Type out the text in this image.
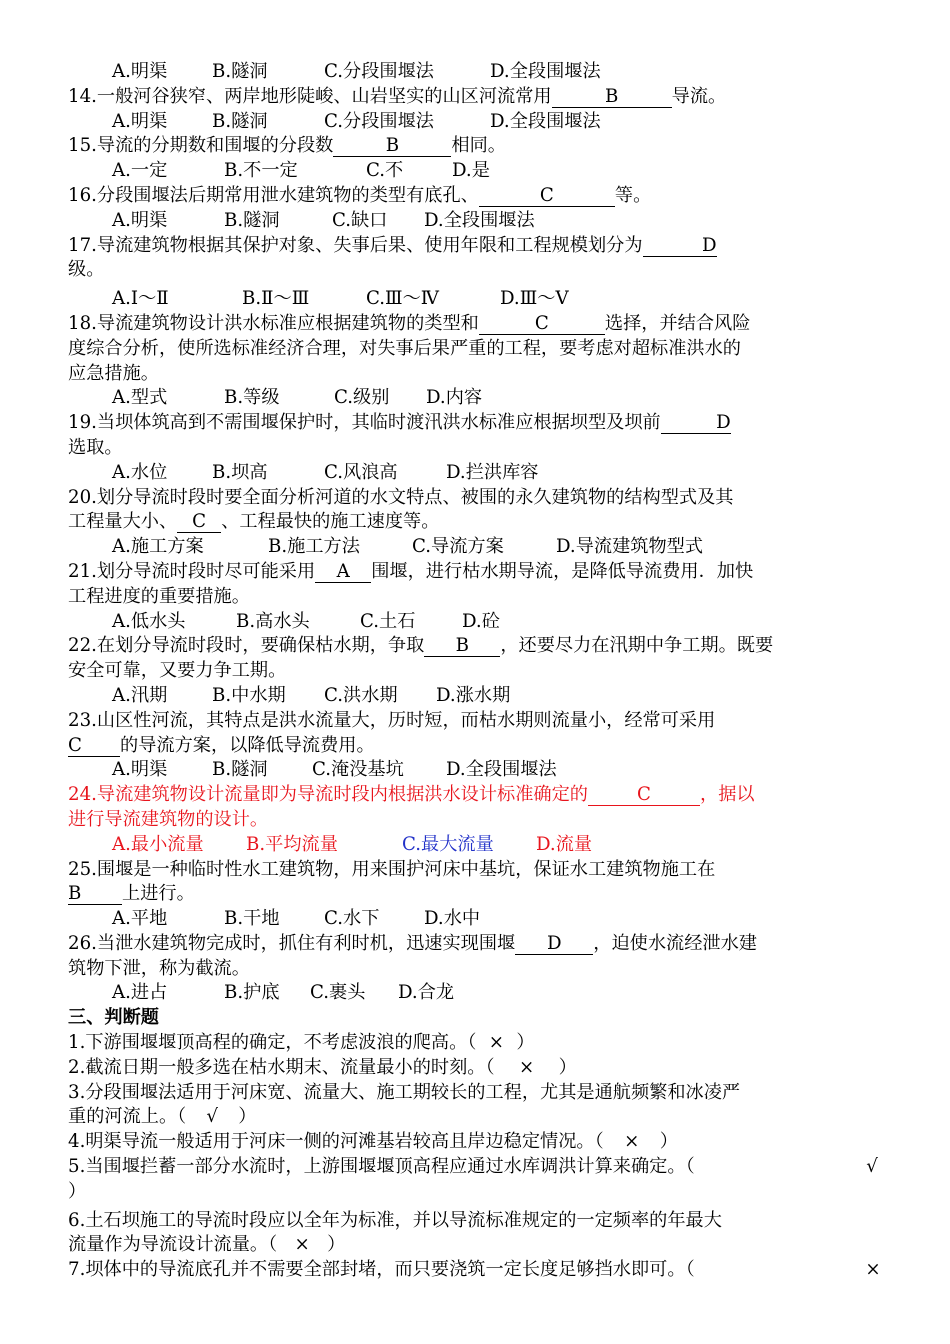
A.明渠 B.隧洞	C.分段围堰法	D.全段围堰法
14.一般河谷狭窄、两岸地形陡峻、山岩坚实的山区河流常用	B	导流。
A.明渠 B.隧洞	C.分段围堰法	D.全段围堰法
15.导流的分期数和围堰的分段数	B	相同。
A.一定	B.不一定	C.不	D.是
16.分段围堰法后期常用泄水建筑物的类型有底孔、	C	等。
A.明渠	B.隧洞	C.缺口 D.全段围堰法
17.导流建筑物根据其保护对象、失事后果、使用年限和工程规模划分为	D
级。
A.Ⅰ～Ⅱ	B.Ⅱ～Ⅲ	C.Ⅲ～Ⅳ	D.Ⅲ～Ⅴ
18.导流建筑物设计洪水标准应根据建筑物的类型和	C	选择，并结合风险
度综合分析，使所选标准经济合理，对失事后果严重的工程，要考虑对超标准洪水的
应急措施。
A.型式	B.等级	C.级别 D.内容
19.当坝体筑高到不需围堰保护时，其临时渡汛洪水标准应根据坝型及坝前	D
选取。
A.水位 B.坝高	C.风浪高	D.拦洪库容
20.划分导流时段时要全面分析河道的水文特点、被围的永久建筑物的结构型式及其
工程量大小、 C 、工程最快的施工速度等。
A.施工方案	B.施工方法	C.导流方案	D.导流建筑物型式
21.划分导流时段时尽可能采用 A 围堰，进行枯水期导流，是降低导流费用．加快
工程进度的重要措施。
A.低水头	B.高水头	C.土石	D.砼
22.在划分导流时段时，要确保枯水期，争取 B ，还要尽力在汛期中争工期。既要
安全可靠，又要力争工期。
A.汛期 B.中水期 C.洪水期 D.涨水期
23.山区性河流，其特点是洪水流量大，历时短，而枯水期则流量小，经常可采用
C 的导流方案，以降低导流费用。
A.明渠 B.隧洞 C.淹没基坑 D.全段围堰法
24.导流建筑物设计流量即为导流时段内根据洪水设计标准确定的	C	，据以
进行导流建筑物的设计。
A.最小流量 B.平均流量	C.最大流量 D.流量
25.围堰是一种临时性水工建筑物，用来围护河床中基坑，保证水工建筑物施工在
B 上进行。
A.平地	B.干地 C.水下 D.水中
26.当泄水建筑物完成时，抓住有利时机，迅速实现围堰 D ，迫使水流经泄水建
筑物下泄，称为截流。
A.进占	B.护底 C.裹头 D.合龙
三、判断题
1.下游围堰堰顶高程的确定，不考虑波浪的爬高。（ × ）
2.截流日期一般多选在枯水期末、流量最小的时刻。（ × ）
3.分段围堰法适用于河床宽、流量大、施工期较长的工程，尤其是通航频繁和冰凌严
重的河流上。（ √ ）
4.明渠导流一般适用于河床一侧的河滩基岩较高且岸边稳定情况。（ × ）
5.当围堰拦蓄一部分水流时，上游围堰堰顶高程应通过水库调洪计算来确定。（	√
）
6.土石坝施工的导流时段应以全年为标准，并以导流标准规定的一定频率的年最大
流量作为导流设计流量。（ × ）
7.坝体中的导流底孔并不需要全部封堵，而只要浇筑一定长度足够挡水即可。（	×
